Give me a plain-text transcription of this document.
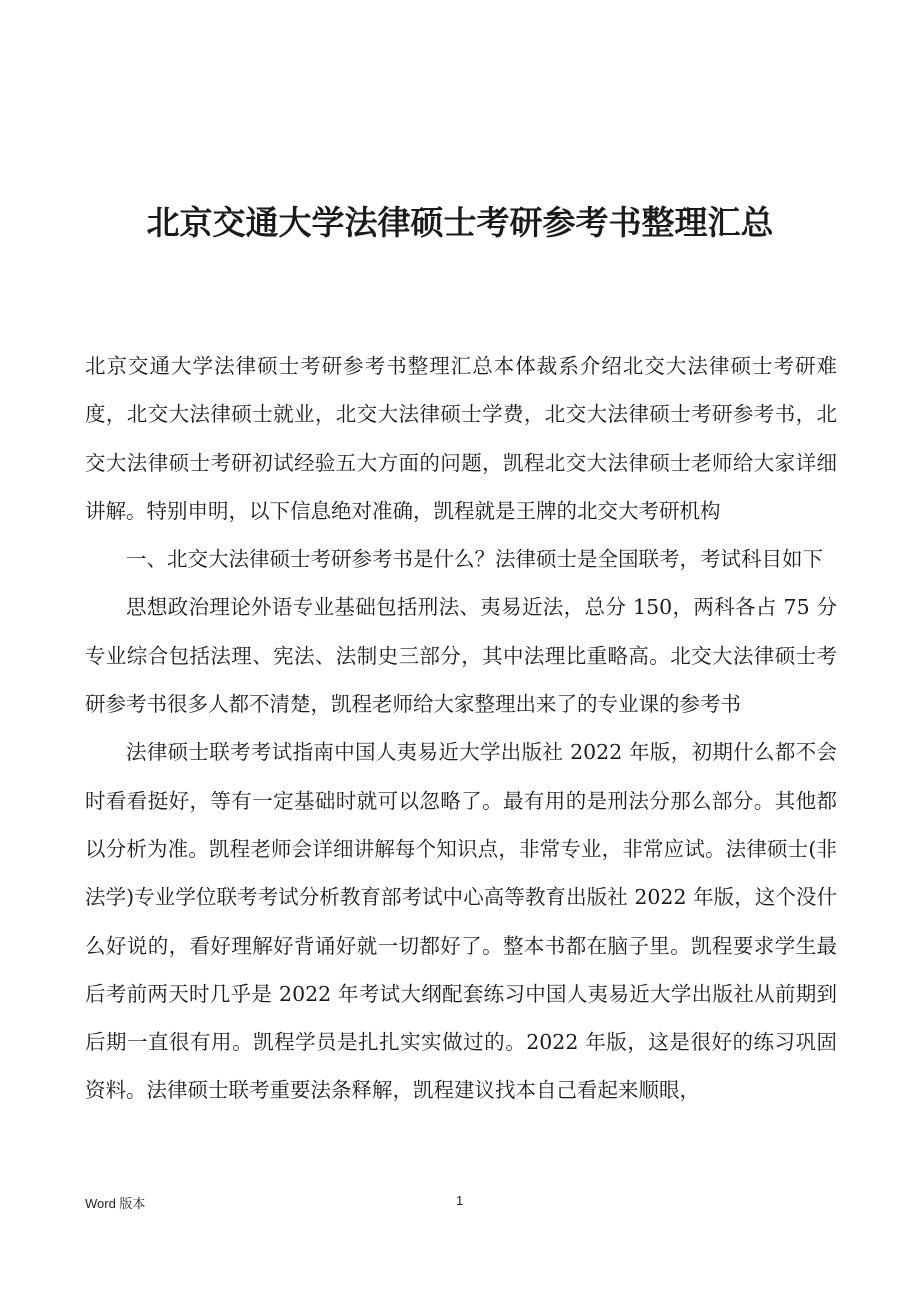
北京交通大学法律硕士考研参考书整理汇总

北京交通大学法律硕士考研参考书整理汇总本体裁系介绍北交大法律硕士考研难度，北交大法律硕士就业，北交大法律硕士学费，北交大法律硕士考研参考书，北交大法律硕士考研初试经验五大方面的问题，凯程北交大法律硕士老师给大家详细讲解。特别申明，以下信息绝对准确，凯程就是王牌的北交大考研机构

一、北交大法律硕士考研参考书是什么？法律硕士是全国联考，考试科目如下

思想政治理论外语专业基础包括刑法、夷易近法，总分 150，两科各占 75 分专业综合包括法理、宪法、法制史三部分，其中法理比重略高。北交大法律硕士考研参考书很多人都不清楚，凯程老师给大家整理出来了的专业课的参考书

法律硕士联考考试指南中国人夷易近大学出版社 2022 年版，初期什么都不会时看看挺好，等有一定基础时就可以忽略了。最有用的是刑法分那么部分。其他都以分析为准。凯程老师会详细讲解每个知识点，非常专业，非常应试。法律硕士(非法学)专业学位联考考试分析教育部考试中心高等教育出版社 2022 年版，这个没什么好说的，看好理解好背诵好就一切都好了。整本书都在脑子里。凯程要求学生最后考前两天时几乎是 2022 年考试大纲配套练习中国人夷易近大学出版社从前期到后期一直很有用。凯程学员是扎扎实实做过的。2022 年版，这是很好的练习巩固资料。法律硕士联考重要法条释解，凯程建议找本自己看起来顺眼，

Word 版本	1
